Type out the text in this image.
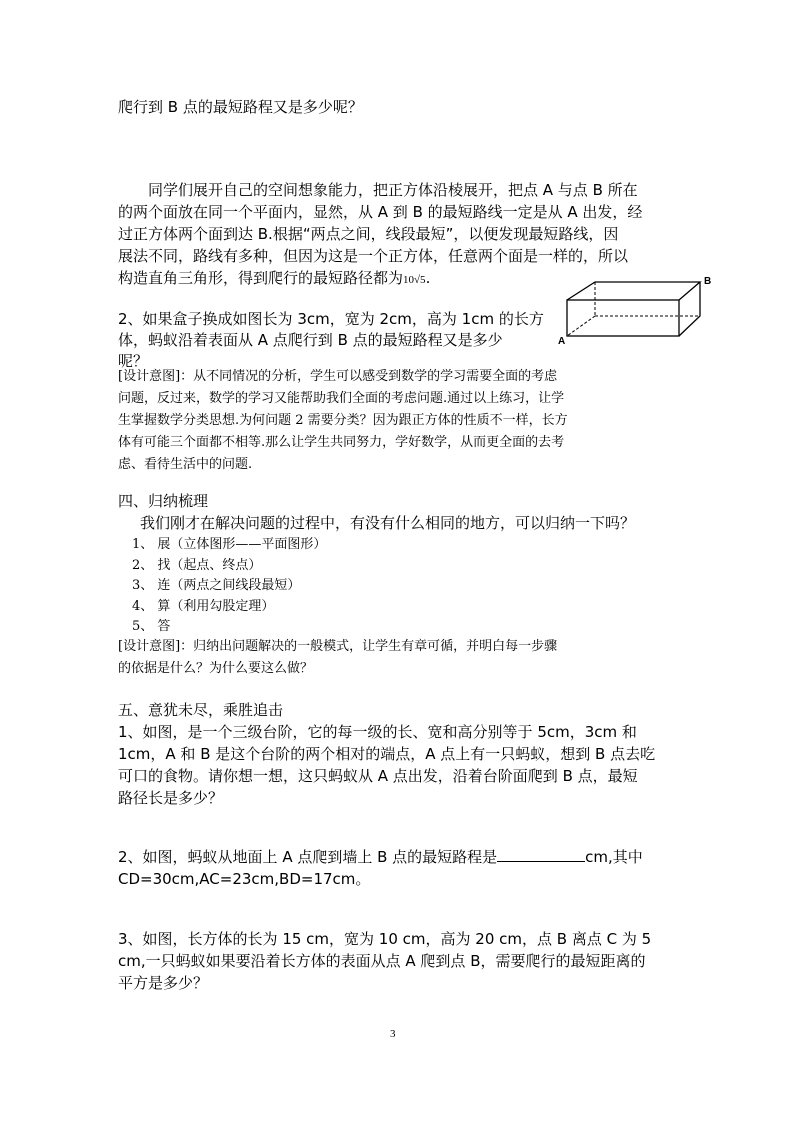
爬行到 B 点的最短路程又是多少呢？
同学们展开自己的空间想象能力，把正方体沿棱展开，把点 A 与点 B 所在
的两个面放在同一个平面内，显然，从 A 到 B 的最短路线一定是从 A 出发，经
过正方体两个面到达 B.根据“两点之间，线段最短”，以便发现最短路线，因
展法不同，路线有多种，但因为这是一个正方体，任意两个面是一样的，所以
构造直角三角形，得到爬行的最短路径都为10√5.
2、如果盒子换成如图长为 3cm，宽为 2cm，高为 1cm 的长方
体，蚂蚁沿着表面从 A 点爬行到 B 点的最短路程又是多少
呢？
A
B
[设计意图]：从不同情况的分析，学生可以感受到数学的学习需要全面的考虑
问题，反过来，数学的学习又能帮助我们全面的考虑问题.通过以上练习，让学
生掌握数学分类思想.为何问题 2 需要分类？因为跟正方体的性质不一样，长方
体有可能三个面都不相等.那么让学生共同努力，学好数学，从而更全面的去考
虑、看待生活中的问题.
四、归纳梳理
我们刚才在解决问题的过程中，有没有什么相同的地方，可以归纳一下吗？
1、 展（立体图形——平面图形）
2、 找（起点、终点）
3、 连（两点之间线段最短）
4、 算（利用勾股定理）
5、 答
[设计意图]：归纳出问题解决的一般模式，让学生有章可循，并明白每一步骤
的依据是什么？为什么要这么做？
五、意犹未尽，乘胜追击
1、如图，是一个三级台阶，它的每一级的长、宽和高分别等于 5cm，3cm 和
1cm，A 和 B 是这个台阶的两个相对的端点，A 点上有一只蚂蚁，想到 B 点去吃
可口的食物。请你想一想，这只蚂蚁从 A 点出发，沿着台阶面爬到 B 点，最短
路径长是多少？
2、如图，蚂蚁从地面上 A 点爬到墙上 B 点的最短路程是	cm,其中
CD=30cm,AC=23cm,BD=17cm。
3、如图，长方体的长为 15 cm，宽为 10 cm，高为 20 cm，点 B 离点 C 为 5
cm,一只蚂蚁如果要沿着长方体的表面从点 A 爬到点 B，需要爬行的最短距离的
平方是多少？
3
